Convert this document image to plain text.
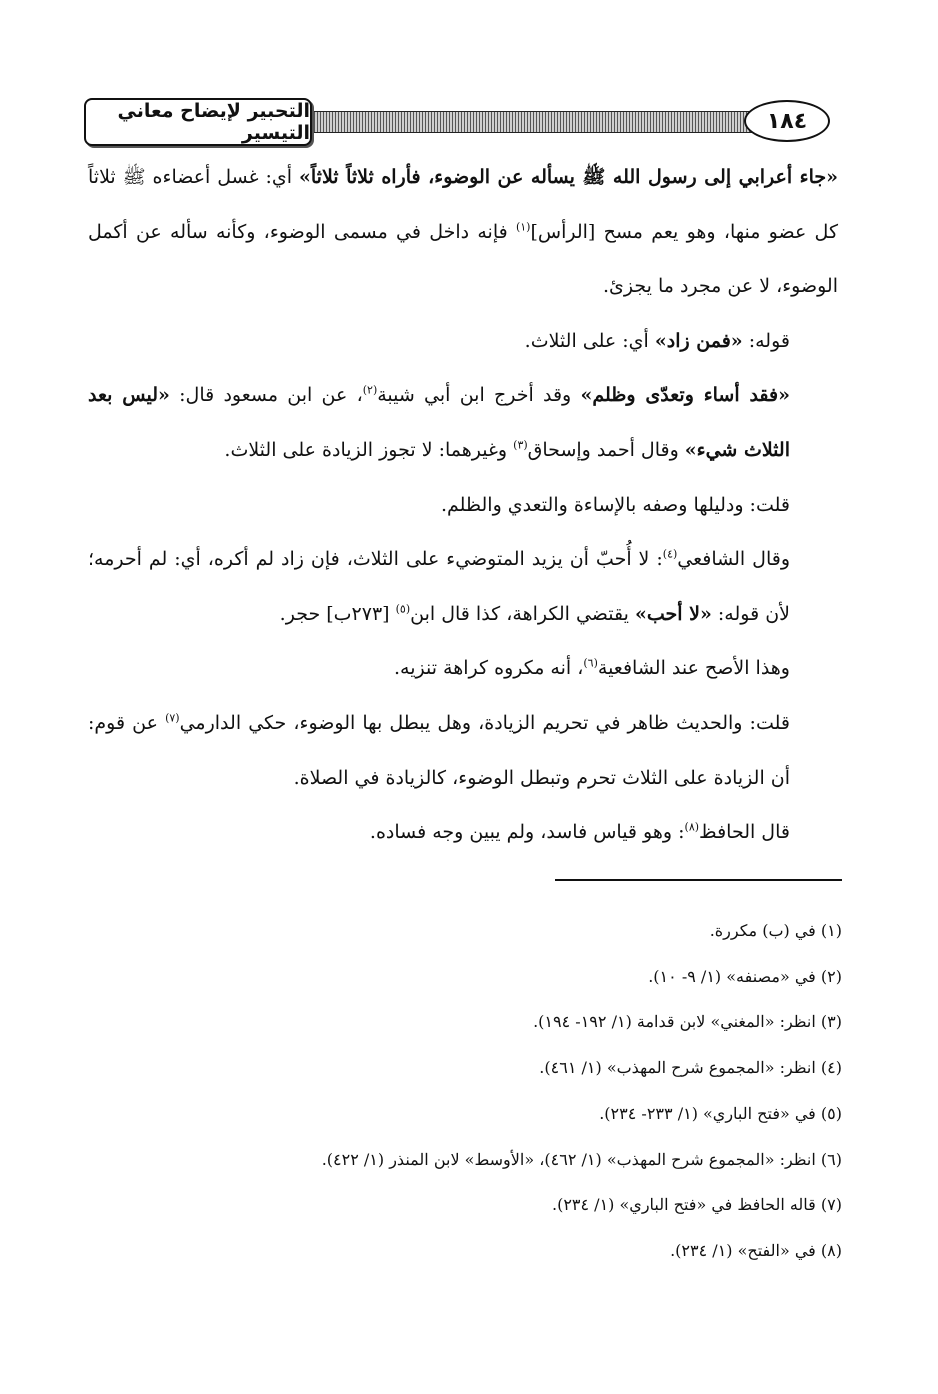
التحبير لإيضاح معاني التيسير	١٨٤

«جاء أعرابي إلى رسول الله ﷺ يسأله عن الوضوء، فأراه ثلاثاً ثلاثاً» أي: غسل أعضاءه ﷺ ثلاثاً كل عضو منها، وهو يعم مسح [الرأس]$^{(١)}$ فإنه داخل في مسمى الوضوء، وكأنه سأله عن أكمل الوضوء، لا عن مجرد ما يجزئ.

قوله: «فمن زاد» أي: على الثلاث.

«فقد أساء وتعدّى وظلم» وقد أخرج ابن أبي شيبة$^{(٢)}$، عن ابن مسعود قال: «ليس بعد الثلاث شيء» وقال أحمد وإسحاق$^{(٣)}$ وغيرهما: لا تجوز الزيادة على الثلاث.

قلت: ودليلها وصفه بالإساءة والتعدي والظلم.

وقال الشافعي$^{(٤)}$: لا أُحبّ أن يزيد المتوضيء على الثلاث، فإن زاد لم أكره، أي: لم أحرمه؛ لأن قوله: «لا أحب» يقتضي الكراهة، كذا قال ابن$^{(٥)}$ [٢٧٣ب] حجر.

وهذا الأصح عند الشافعية$^{(٦)}$، أنه مكروه كراهة تنزيه.

قلت: والحديث ظاهر في تحريم الزيادة، وهل يبطل بها الوضوء، حكي الدارمي$^{(٧)}$ عن قوم: أن الزيادة على الثلاث تحرم وتبطل الوضوء، كالزيادة في الصلاة.

قال الحافظ$^{(٨)}$: وهو قياس فاسد، ولم يبين وجه فساده.

(١) في (ب) مكررة.
(٢) في «مصنفه» (١/ ٩- ١٠).
(٣) انظر: «المغني» لابن قدامة (١/ ١٩٢- ١٩٤).
(٤) انظر: «المجموع شرح المهذب» (١/ ٤٦١).
(٥) في «فتح الباري» (١/ ٢٣٣- ٢٣٤).
(٦) انظر: «المجموع شرح المهذب» (١/ ٤٦٢)، «الأوسط» لابن المنذر (١/ ٤٢٢).
(٧) قاله الحافظ في «فتح الباري» (١/ ٢٣٤).
(٨) في «الفتح» (١/ ٢٣٤).
